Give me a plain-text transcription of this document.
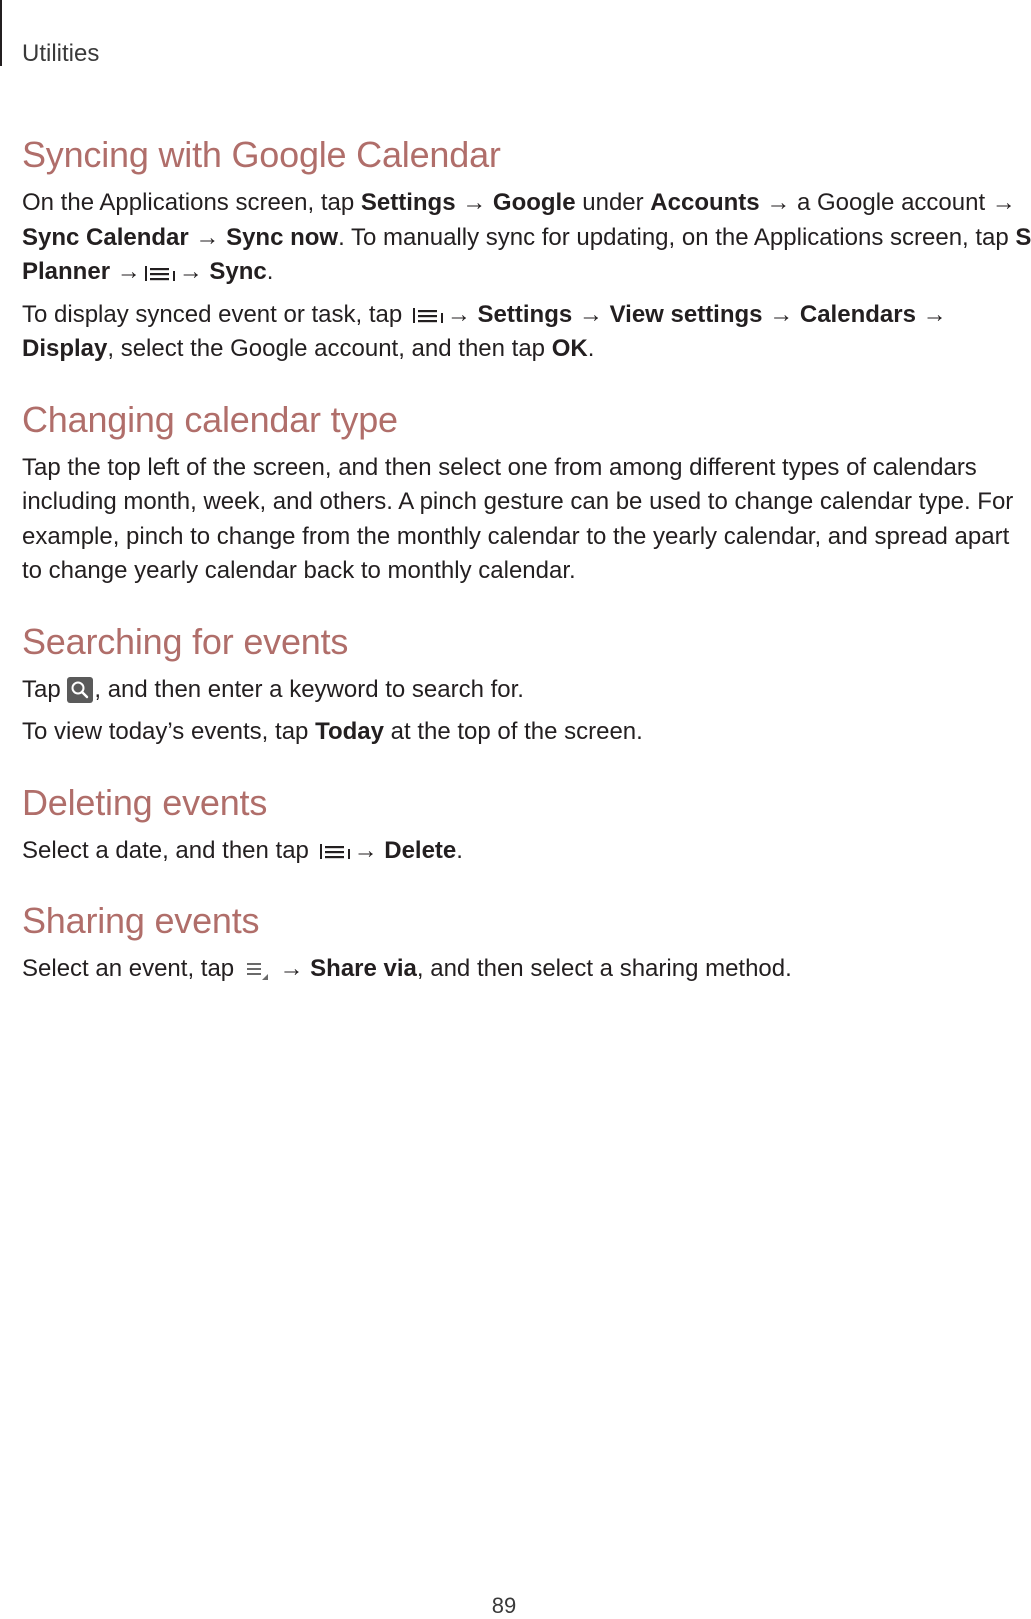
Utilities
Syncing with Google Calendar

On the Applications screen, tap Settings → Google under Accounts → a Google account →

Sync Calendar → Sync now. To manually sync for updating, on the Applications screen, tap S

Planner → → Sync.

To display synced event or task, tap
→ Settings → View settings → Calendars →

Display, select the Google account, and then tap OK.

Changing calendar type

Tap the top left of the screen, and then select one from among different types of calendars

including month, week, and others. A pinch gesture can be used to change calendar type. For

example, pinch to change from the monthly calendar to the yearly calendar, and spread apart

to change yearly calendar back to monthly calendar.

Searching for events

Tap
, and then enter a keyword to search for.

To view today’s events, tap Today at the top of the screen.

Deleting events

Select a date, and then tap
→ Delete.

Sharing events

Select an event, tap
→ Share via, and then select a sharing method.

89
